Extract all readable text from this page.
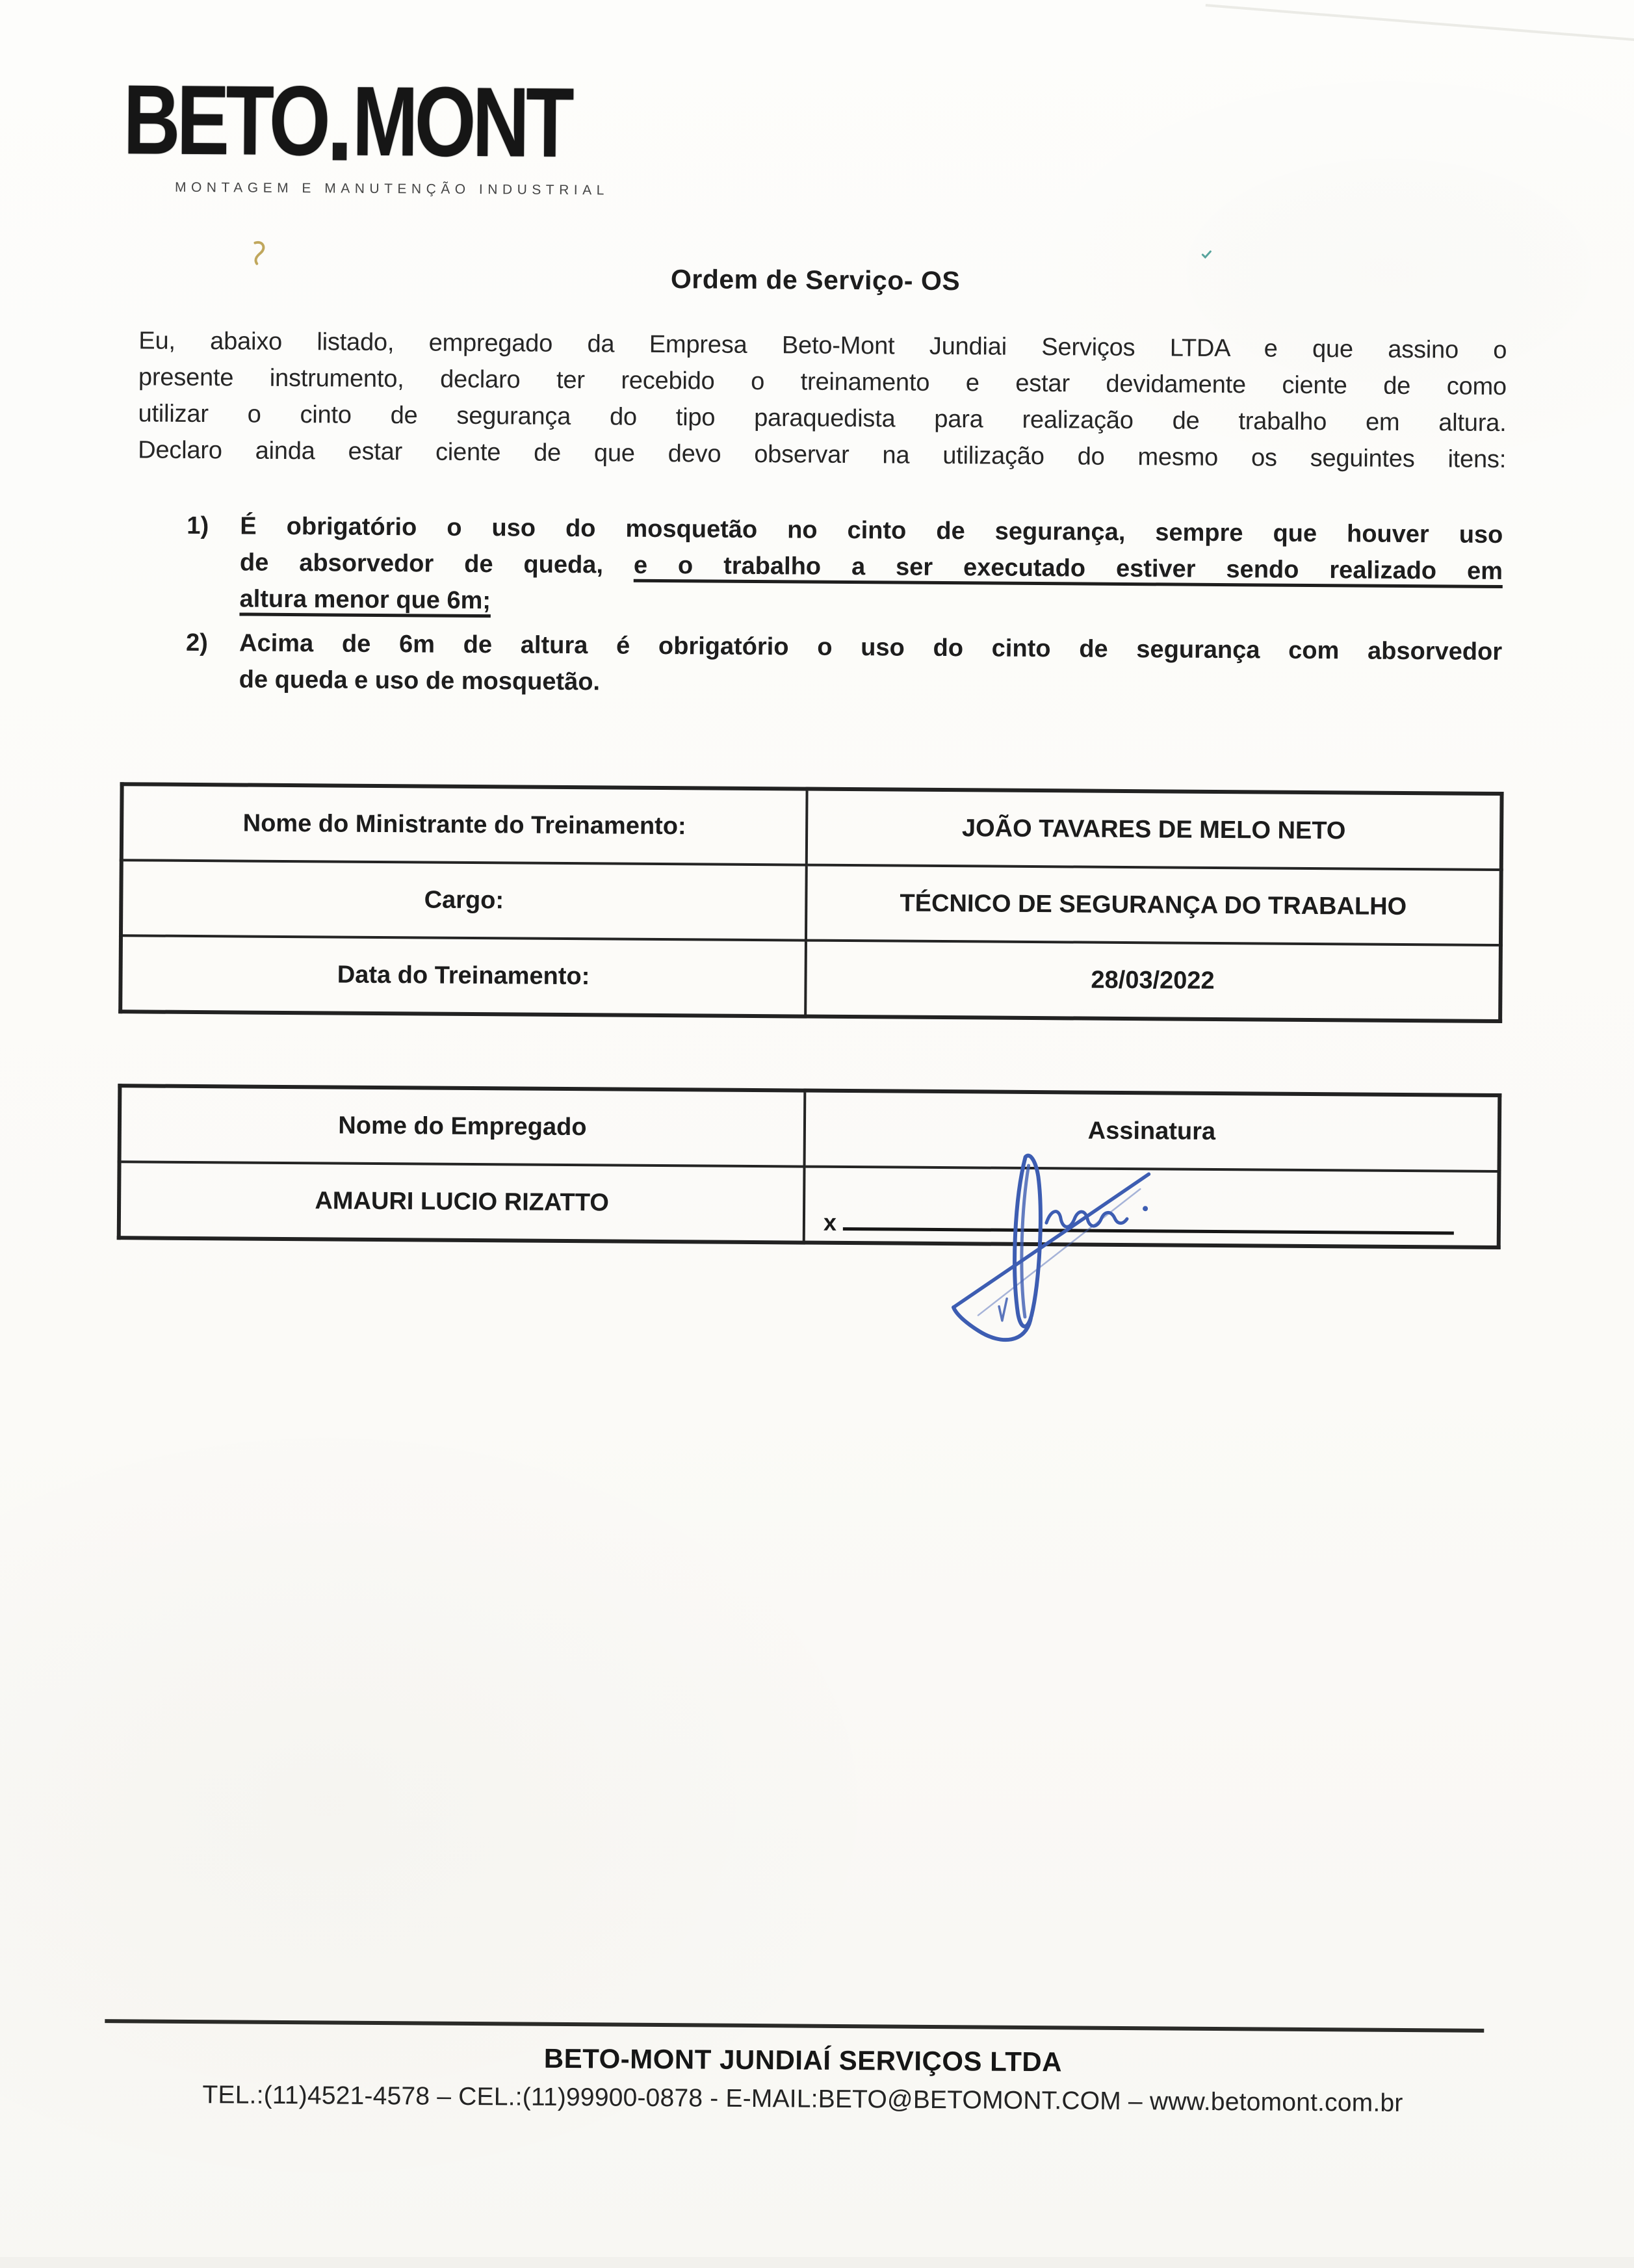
BETO MONT
MONTAGEM E MANUTENÇÃO INDUSTRIAL
Ordem de Serviço- OS
Eu, abaixo listado, empregado da Empresa Beto-Mont Jundiai Serviços LTDA e que assino o
presente instrumento, declaro ter recebido o treinamento e estar devidamente ciente de como
utilizar o cinto de segurança do tipo paraquedista para realização de trabalho em altura.
Declaro ainda estar ciente de que devo observar na utilização do mesmo os seguintes itens:
1)	É obrigatório o uso do mosquetão no cinto de segurança, sempre que houver uso
de absorvedor de queda, e o trabalho a ser executado estiver sendo realizado em
altura menor que 6m;
2)	Acima de 6m de altura é obrigatório o uso do cinto de segurança com absorvedor
de queda e uso de mosquetão.
Nome do Ministrante do Treinamento:	JOÃO TAVARES DE MELO NETO
Cargo:	TÉCNICO DE SEGURANÇA DO TRABALHO
Data do Treinamento:	28/03/2022
Nome do Empregado	Assinatura
AMAURI LUCIO RIZATTO	x
BETO-MONT JUNDIAÍ SERVIÇOS LTDA
TEL.:(11)4521-4578 – CEL.:(11)99900-0878 - E-MAIL:BETO@BETOMONT.COM – www.betomont.com.br
